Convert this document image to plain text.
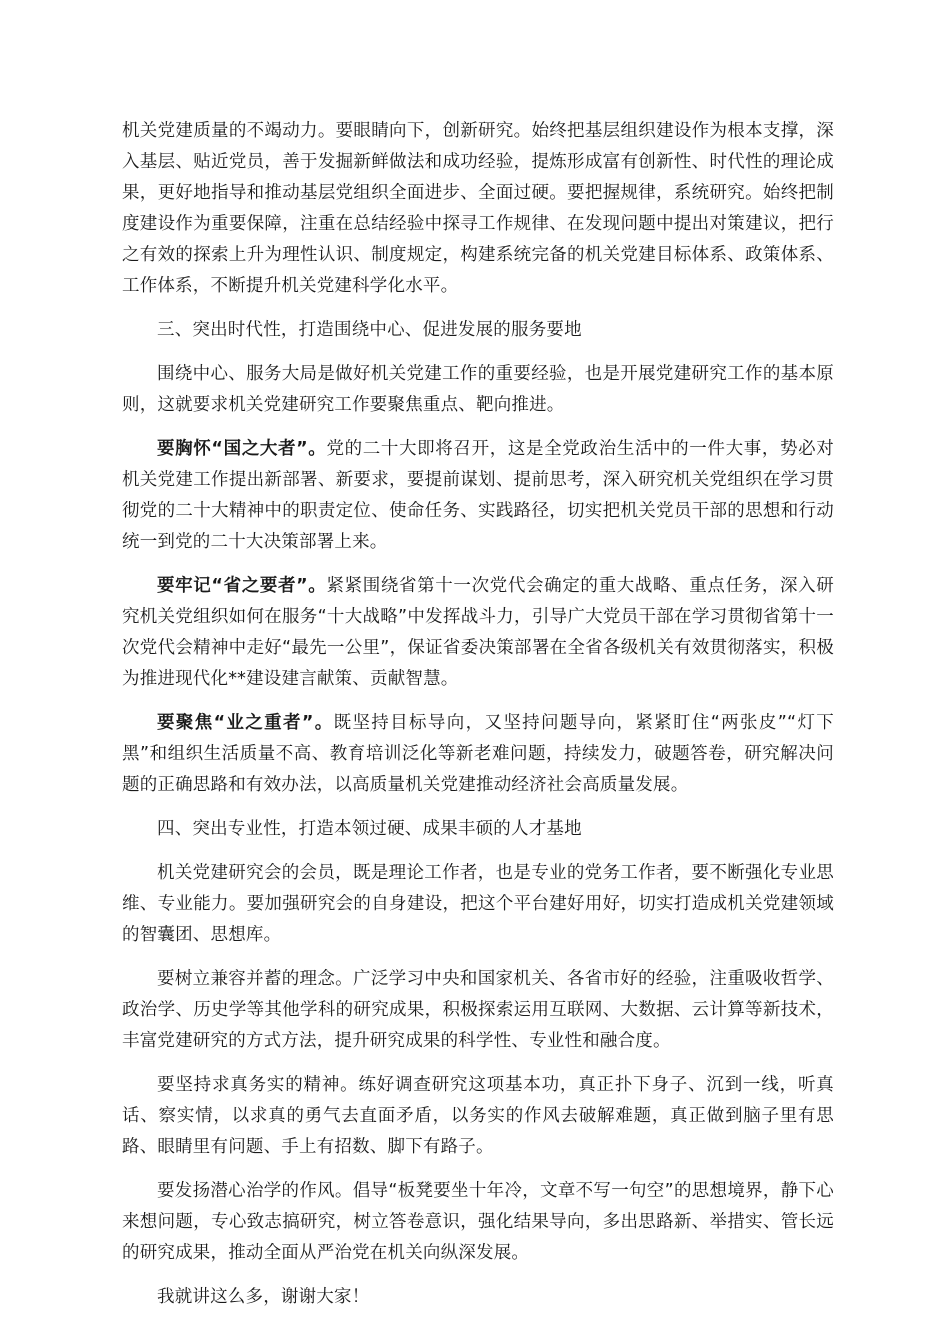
机关党建质量的不竭动力。要眼睛向下，创新研究。始终把基层组织建设作为根本支撑，深入基层、贴近党员，善于发掘新鲜做法和成功经验，提炼形成富有创新性、时代性的理论成果，更好地指导和推动基层党组织全面进步、全面过硬。要把握规律，系统研究。始终把制度建设作为重要保障，注重在总结经验中探寻工作规律、在发现问题中提出对策建议，把行之有效的探索上升为理性认识、制度规定，构建系统完备的机关党建目标体系、政策体系、工作体系，不断提升机关党建科学化水平。

三、突出时代性，打造围绕中心、促进发展的服务要地

围绕中心、服务大局是做好机关党建工作的重要经验，也是开展党建研究工作的基本原则，这就要求机关党建研究工作要聚焦重点、靶向推进。

要胸怀“国之大者”。党的二十大即将召开，这是全党政治生活中的一件大事，势必对机关党建工作提出新部署、新要求，要提前谋划、提前思考，深入研究机关党组织在学习贯彻党的二十大精神中的职责定位、使命任务、实践路径，切实把机关党员干部的思想和行动统一到党的二十大决策部署上来。

要牢记“省之要者”。紧紧围绕省第十一次党代会确定的重大战略、重点任务，深入研究机关党组织如何在服务“十大战略”中发挥战斗力，引导广大党员干部在学习贯彻省第十一次党代会精神中走好“最先一公里”，保证省委决策部署在全省各级机关有效贯彻落实，积极为推进现代化**建设建言献策、贡献智慧。

要聚焦“业之重者”。既坚持目标导向，又坚持问题导向，紧紧盯住“两张皮”“灯下黑”和组织生活质量不高、教育培训泛化等新老难问题，持续发力，破题答卷，研究解决问题的正确思路和有效办法，以高质量机关党建推动经济社会高质量发展。

四、突出专业性，打造本领过硬、成果丰硕的人才基地

机关党建研究会的会员，既是理论工作者，也是专业的党务工作者，要不断强化专业思维、专业能力。要加强研究会的自身建设，把这个平台建好用好，切实打造成机关党建领域的智囊团、思想库。

要树立兼容并蓄的理念。广泛学习中央和国家机关、各省市好的经验，注重吸收哲学、政治学、历史学等其他学科的研究成果，积极探索运用互联网、大数据、云计算等新技术，丰富党建研究的方式方法，提升研究成果的科学性、专业性和融合度。

要坚持求真务实的精神。练好调查研究这项基本功，真正扑下身子、沉到一线，听真话、察实情，以求真的勇气去直面矛盾，以务实的作风去破解难题，真正做到脑子里有思路、眼睛里有问题、手上有招数、脚下有路子。

要发扬潜心治学的作风。倡导“板凳要坐十年冷，文章不写一句空”的思想境界，静下心来想问题，专心致志搞研究，树立答卷意识，强化结果导向，多出思路新、举措实、管长远的研究成果，推动全面从严治党在机关向纵深发展。

我就讲这么多，谢谢大家！
